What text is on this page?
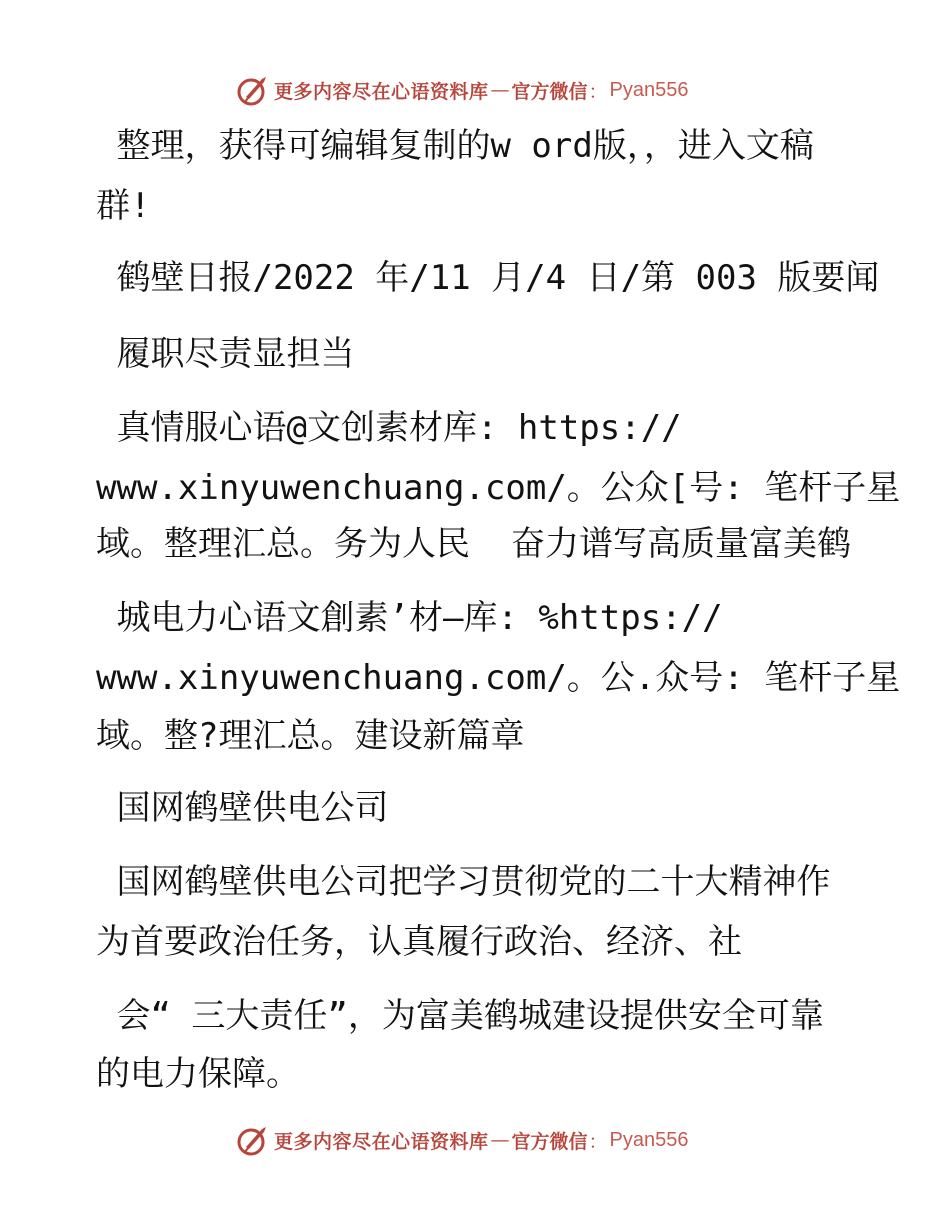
更多内容尽在心语资料库 — 官方微信 ： Pyan556
整理，获得可编辑复制的w ord版，，进入文稿
群!
鹤壁日报/2022 年/11 月/4 日/第 003 版要闻
履职尽责显担当
真情服心语@文创素材库: https://
www.xinyuwenchuang.com/。公众[号: 笔杆子星
域。整理汇总。务为人民  奋力谱写高质量富美鹤
城电力心语文創素’材—库: %https://
www.xinyuwenchuang.com/。公.众号: 笔杆子星
域。整?理汇总。建设新篇章
国网鹤壁供电公司
国网鹤壁供电公司把学习贯彻党的二十大精神作
为首要政治任务，认真履行政治、经济、社
会“ 三大责任”，为富美鹤城建设提供安全可靠
的电力保障。
更多内容尽在心语资料库 — 官方微信 ： Pyan556
